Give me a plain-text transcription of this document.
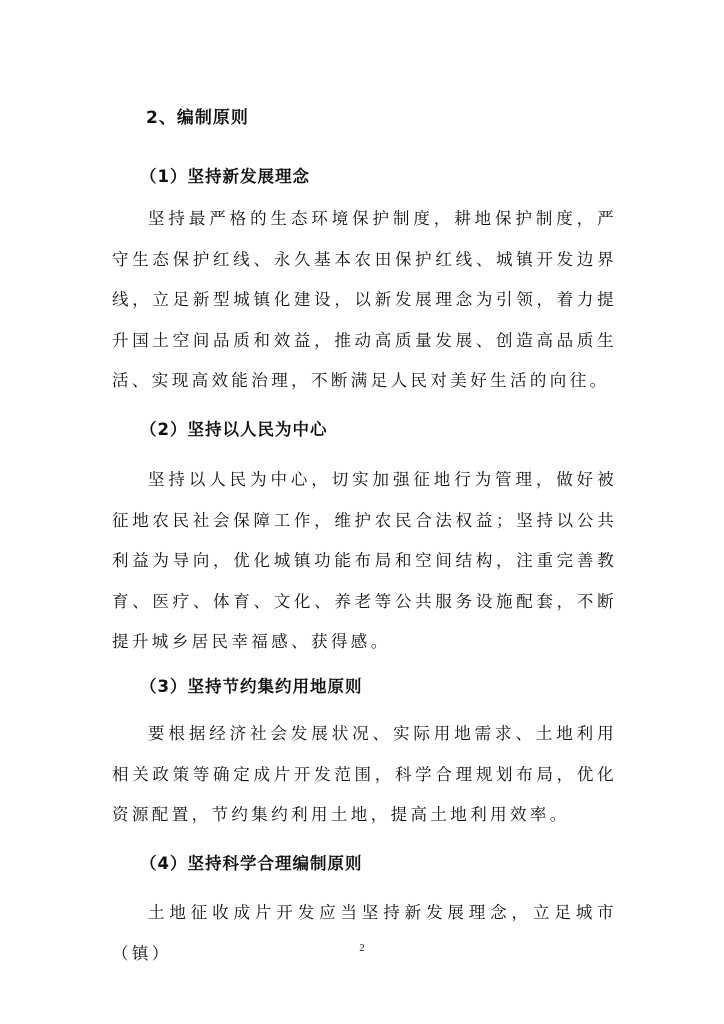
2、编制原则
（1）坚持新发展理念

坚持最严格的生态环境保护制度，耕地保护制度，严守生态保护红线、永久基本农田保护红线、城镇开发边界线，立足新型城镇化建设，以新发展理念为引领，着力提升国土空间品质和效益，推动高质量发展、创造高品质生活、实现高效能治理，不断满足人民对美好生活的向往。

（2）坚持以人民为中心

坚持以人民为中心，切实加强征地行为管理，做好被征地农民社会保障工作，维护农民合法权益；坚持以公共利益为导向，优化城镇功能布局和空间结构，注重完善教育、医疗、体育、文化、养老等公共服务设施配套，不断提升城乡居民幸福感、获得感。

（3）坚持节约集约用地原则

要根据经济社会发展状况、实际用地需求、土地利用相关政策等确定成片开发范围，科学合理规划布局，优化资源配置，节约集约利用土地，提高土地利用效率。

（4）坚持科学合理编制原则

土地征收成片开发应当坚持新发展理念，立足城市（镇）	2
